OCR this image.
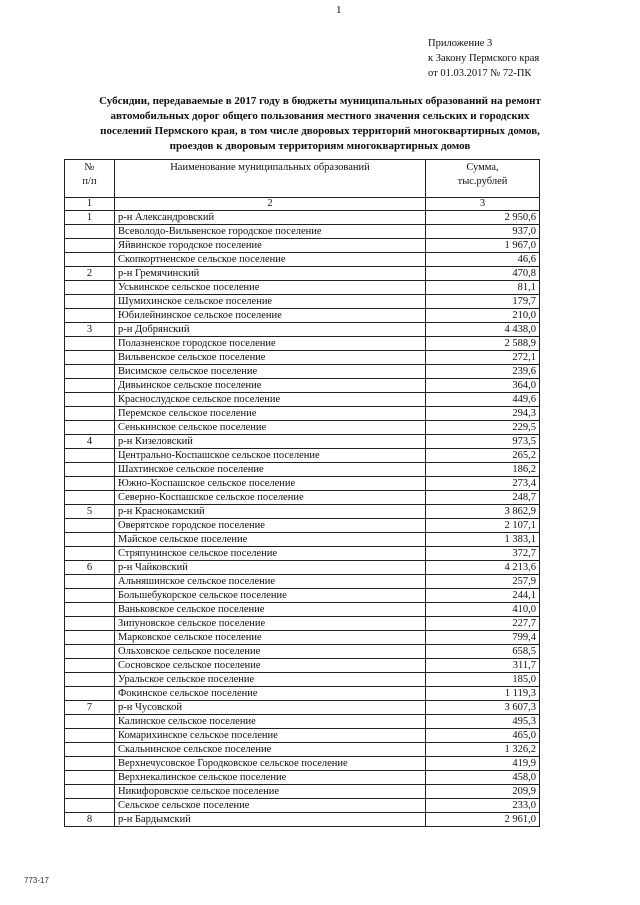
1
Приложение 3
к Закону Пермского края
от 01.03.2017 № 72-ПК
Субсидии, передаваемые в 2017 году в бюджеты муниципальных образований на ремонт
автомобильных дорог общего пользования местного значения сельских и городских
поселений Пермского края, в том числе дворовых территорий многоквартирных домов,
проездов к дворовым территориям многоквартирных домов
№
п/п	Наименование муниципальных образований	Сумма,
тыс.рублей
1	2	3
1	р-н Александровский	2 950,6
	Всеволодо-Вильвенское городское поселение	937,0
	Яйвинское городское поселение	1 967,0
	Скопкортненское сельское поселение	46,6
2	р-н Гремячинский	470,8
	Усьвинское сельское поселение	81,1
	Шумихинское сельское поселение	179,7
	Юбилейнинское сельское поселение	210,0
3	р-н Добрянский	4 438,0
	Полазненское городское поселение	2 588,9
	Вильвенское сельское поселение	272,1
	Висимское сельское поселение	239,6
	Дивьинское сельское поселение	364,0
	Краснослудское сельское поселение	449,6
	Перемское сельское поселение	294,3
	Сенькинское сельское поселение	229,5
4	р-н Кизеловский	973,5
	Центрально-Коспашское сельское поселение	265,2
	Шахтинское сельское поселение	186,2
	Южно-Коспашское сельское поселение	273,4
	Северно-Коспашское сельское поселение	248,7
5	р-н Краснокамский	3 862,9
	Оверятское городское поселение	2 107,1
	Майское сельское поселение	1 383,1
	Стряпунинское сельское поселение	372,7
6	р-н Чайковский	4 213,6
	Альняшинское сельское поселение	257,9
	Большебукорское сельское поселение	244,1
	Ваньковское сельское поселение	410,0
	Зипуновское сельское поселение	227,7
	Марковское сельское поселение	799,4
	Ольховское сельское поселение	658,5
	Сосновское сельское поселение	311,7
	Уральское сельское поселение	185,0
	Фокинское сельское поселение	1 119,3
7	р-н Чусовской	3 607,3
	Калинское сельское поселение	495,3
	Комарихинское сельское поселение	465,0
	Скальнинское сельское поселение	1 326,2
	Верхнечусовское Городковское сельское поселение	419,9
	Верхнекалинское сельское поселение	458,0
	Никифоровское сельское поселение	209,9
	Сельское сельское поселение	233,0
8	р-н Бардымский	2 961,0
773-17
